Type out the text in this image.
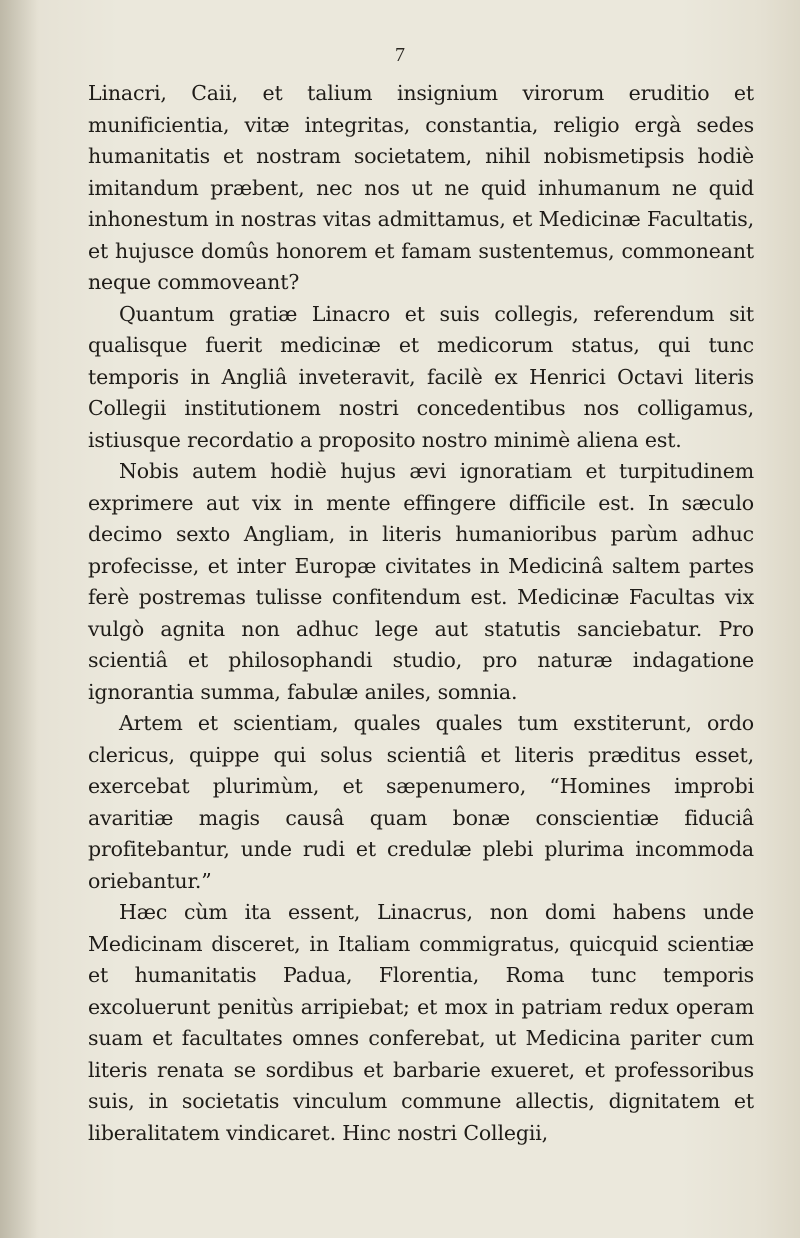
7

Linacri, Caii, et talium insignium virorum eruditio et munificientia, vitæ integritas, constantia, religio ergà sedes humanitatis et nostram societatem, nihil nobismetipsis hodiè imitandum præbent, nec nos ut ne quid inhumanum ne quid inhonestum in nostras vitas admittamus, et Medicinæ Facultatis, et hujusce domûs honorem et famam sustentemus, commoneant neque commoveant?

Quantum gratiæ Linacro et suis collegis, referendum sit qualisque fuerit medicinæ et medicorum status, qui tunc temporis in Angliâ inveteravit, facilè ex Henrici Octavi literis Collegii institutionem nostri concedentibus nos colligamus, istiusque recordatio a proposito nostro minimè aliena est.

Nobis autem hodiè hujus ævi ignoratiam et turpitudinem exprimere aut vix in mente effingere difficile est. In sæculo decimo sexto Angliam, in literis humanioribus parùm adhuc profecisse, et inter Europæ civitates in Medicinâ saltem partes ferè postremas tulisse confitendum est. Medicinæ Facultas vix vulgò agnita non adhuc lege aut statutis sanciebatur. Pro scientiâ et philosophandi studio, pro naturæ indagatione ignorantia summa, fabulæ aniles, somnia.

Artem et scientiam, quales quales tum exstiterunt, ordo clericus, quippe qui solus scientiâ et literis præditus esset, exercebat plurimùm, et sæpenumero, “Homines improbi avaritiæ magis causâ quam bonæ conscientiæ fiduciâ profitebantur, unde rudi et credulæ plebi plurima incommoda oriebantur.”

Hæc cùm ita essent, Linacrus, non domi habens unde Medicinam disceret, in Italiam commigratus, quicquid scientiæ et humanitatis Padua, Florentia, Roma tunc temporis excoluerunt penitùs arripiebat; et mox in patriam redux operam suam et facultates omnes conferebat, ut Medicina pariter cum literis renata se sordibus et barbarie exueret, et professoribus suis, in societatis vinculum commune allectis, dignitatem et liberalitatem vindicaret. Hinc nostri Collegii,
